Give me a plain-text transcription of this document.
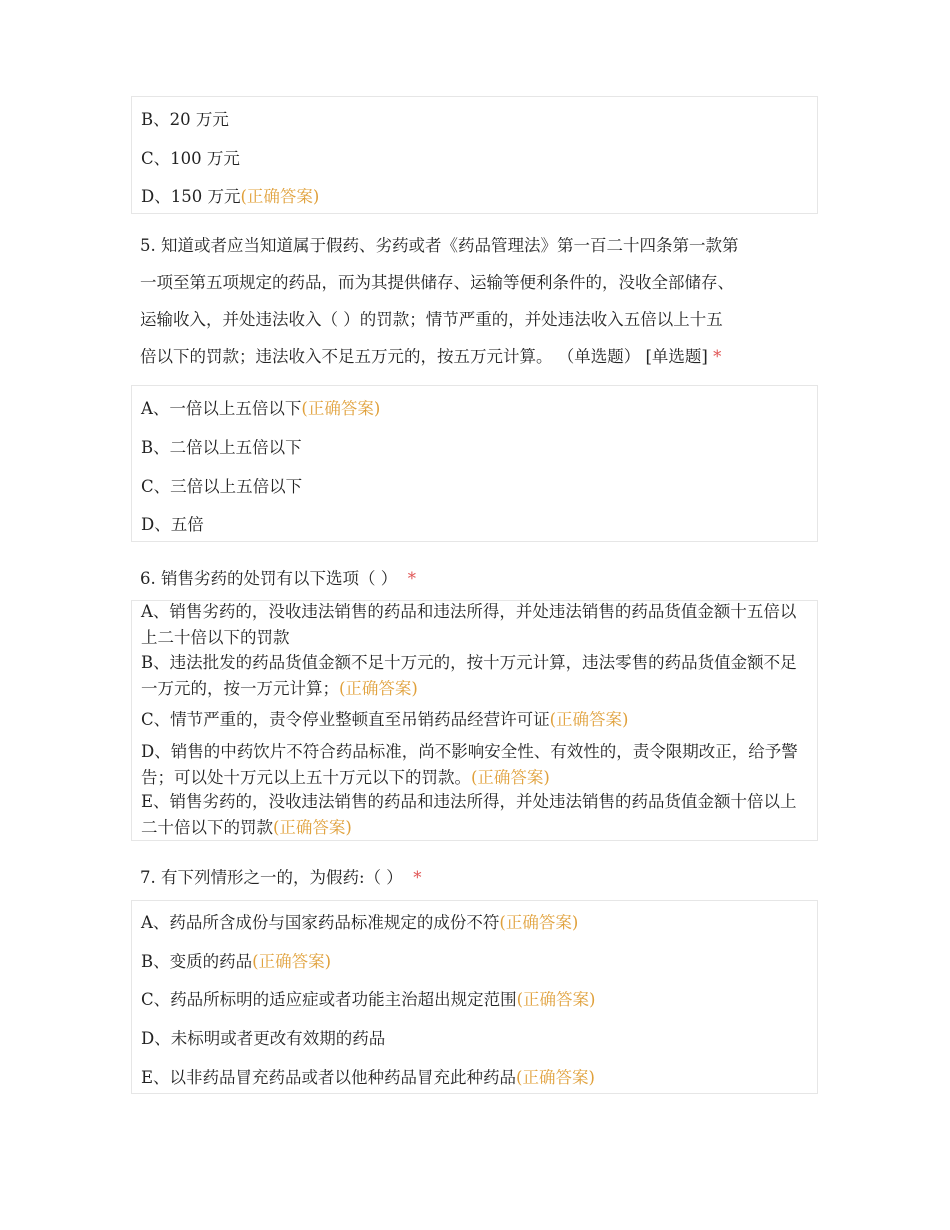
B、20 万元
C、100 万元
D、150 万元(正确答案)
5. 知道或者应当知道属于假药、劣药或者《药品管理法》第一百二十四条第一款第
一项至第五项规定的药品，而为其提供储存、运输等便利条件的，没收全部储存、
运输收入，并处违法收入（ ）的罚款；情节严重的，并处违法收入五倍以上十五
倍以下的罚款；违法收入不足五万元的，按五万元计算。 （单选题） [单选题] *
A、一倍以上五倍以下(正确答案)
B、二倍以上五倍以下
C、三倍以上五倍以下
D、五倍
6. 销售劣药的处罚有以下选项（ ） *
A、销售劣药的，没收违法销售的药品和违法所得，并处违法销售的药品货值金额十五倍以上二十倍以下的罚款
B、违法批发的药品货值金额不足十万元的，按十万元计算，违法零售的药品货值金额不足一万元的，按一万元计算；(正确答案)
C、情节严重的，责令停业整顿直至吊销药品经营许可证(正确答案)
D、销售的中药饮片不符合药品标准，尚不影响安全性、有效性的，责令限期改正，给予警告；可以处十万元以上五十万元以下的罚款。(正确答案)
E、销售劣药的，没收违法销售的药品和违法所得，并处违法销售的药品货值金额十倍以上二十倍以下的罚款(正确答案)
7. 有下列情形之一的，为假药:（ ） *
A、药品所含成份与国家药品标准规定的成份不符(正确答案)
B、变质的药品(正确答案)
C、药品所标明的适应症或者功能主治超出规定范围(正确答案)
D、未标明或者更改有效期的药品
E、以非药品冒充药品或者以他种药品冒充此种药品(正确答案)
